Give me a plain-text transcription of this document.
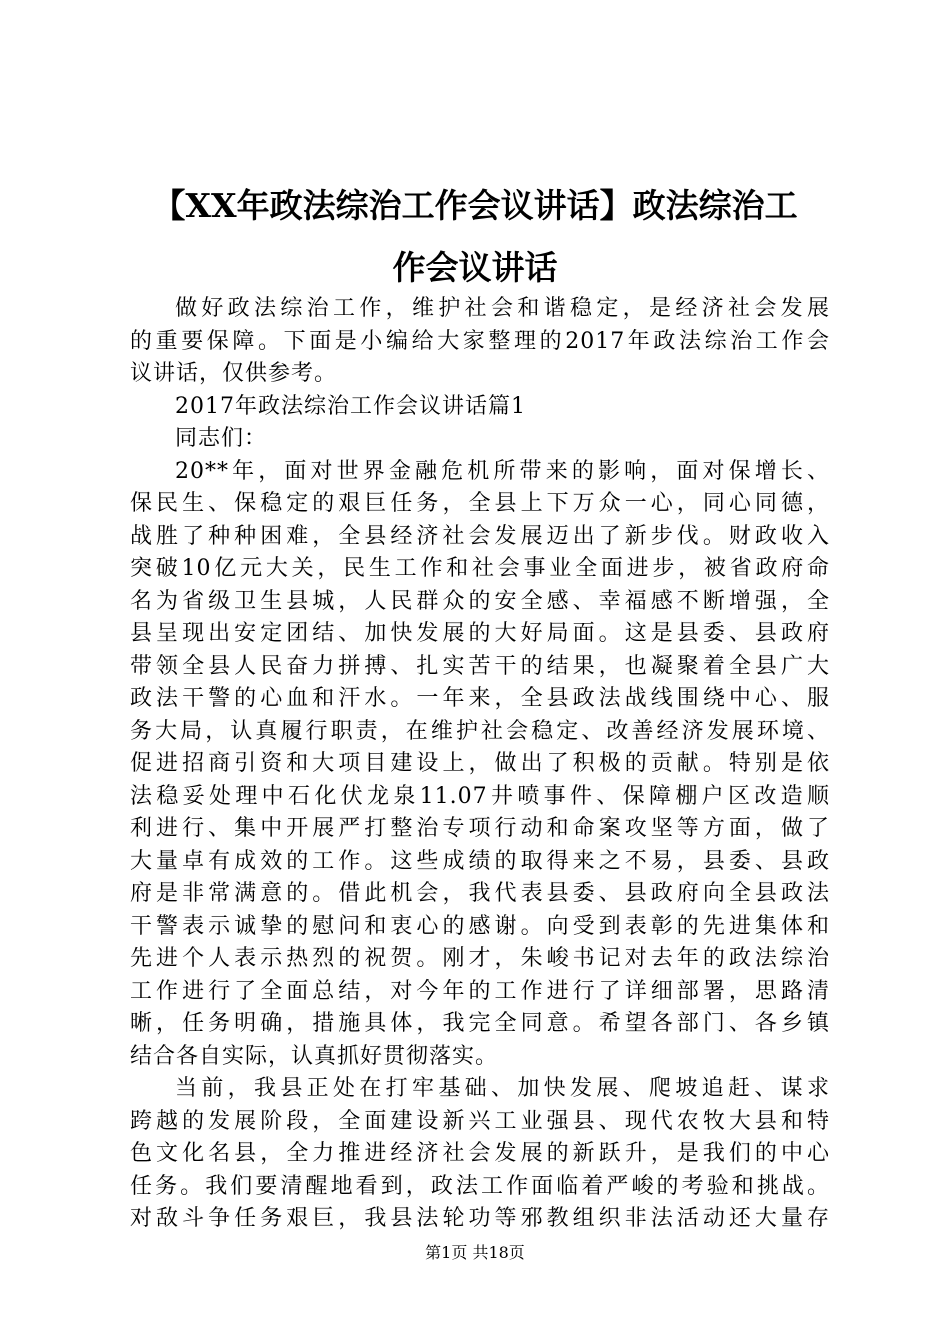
【XX年政法综治工作会议讲话】政法综治工
作会议讲话
做好政法综治工作，维护社会和谐稳定，是经济社会发展
的重要保障。下面是小编给大家整理的2017年政法综治工作会
议讲话，仅供参考。
2017年政法综治工作会议讲话篇1
同志们：
20**年，面对世界金融危机所带来的影响，面对保增长、
保民生、保稳定的艰巨任务，全县上下万众一心，同心同德，
战胜了种种困难，全县经济社会发展迈出了新步伐。财政收入
突破10亿元大关，民生工作和社会事业全面进步，被省政府命
名为省级卫生县城，人民群众的安全感、幸福感不断增强，全
县呈现出安定团结、加快发展的大好局面。这是县委、县政府
带领全县人民奋力拼搏、扎实苦干的结果，也凝聚着全县广大
政法干警的心血和汗水。一年来，全县政法战线围绕中心、服
务大局，认真履行职责，在维护社会稳定、改善经济发展环境、
促进招商引资和大项目建设上，做出了积极的贡献。特别是依
法稳妥处理中石化伏龙泉11.07井喷事件、保障棚户区改造顺
利进行、集中开展严打整治专项行动和命案攻坚等方面，做了
大量卓有成效的工作。这些成绩的取得来之不易，县委、县政
府是非常满意的。借此机会，我代表县委、县政府向全县政法
干警表示诚挚的慰问和衷心的感谢。向受到表彰的先进集体和
先进个人表示热烈的祝贺。刚才，朱峻书记对去年的政法综治
工作进行了全面总结，对今年的工作进行了详细部署，思路清
晰，任务明确，措施具体，我完全同意。希望各部门、各乡镇
结合各自实际，认真抓好贯彻落实。
当前，我县正处在打牢基础、加快发展、爬坡追赶、谋求
跨越的发展阶段，全面建设新兴工业强县、现代农牧大县和特
色文化名县，全力推进经济社会发展的新跃升，是我们的中心
任务。我们要清醒地看到，政法工作面临着严峻的考验和挑战。
对敌斗争任务艰巨，我县法轮功等邪教组织非法活动还大量存
第1页 共18页
